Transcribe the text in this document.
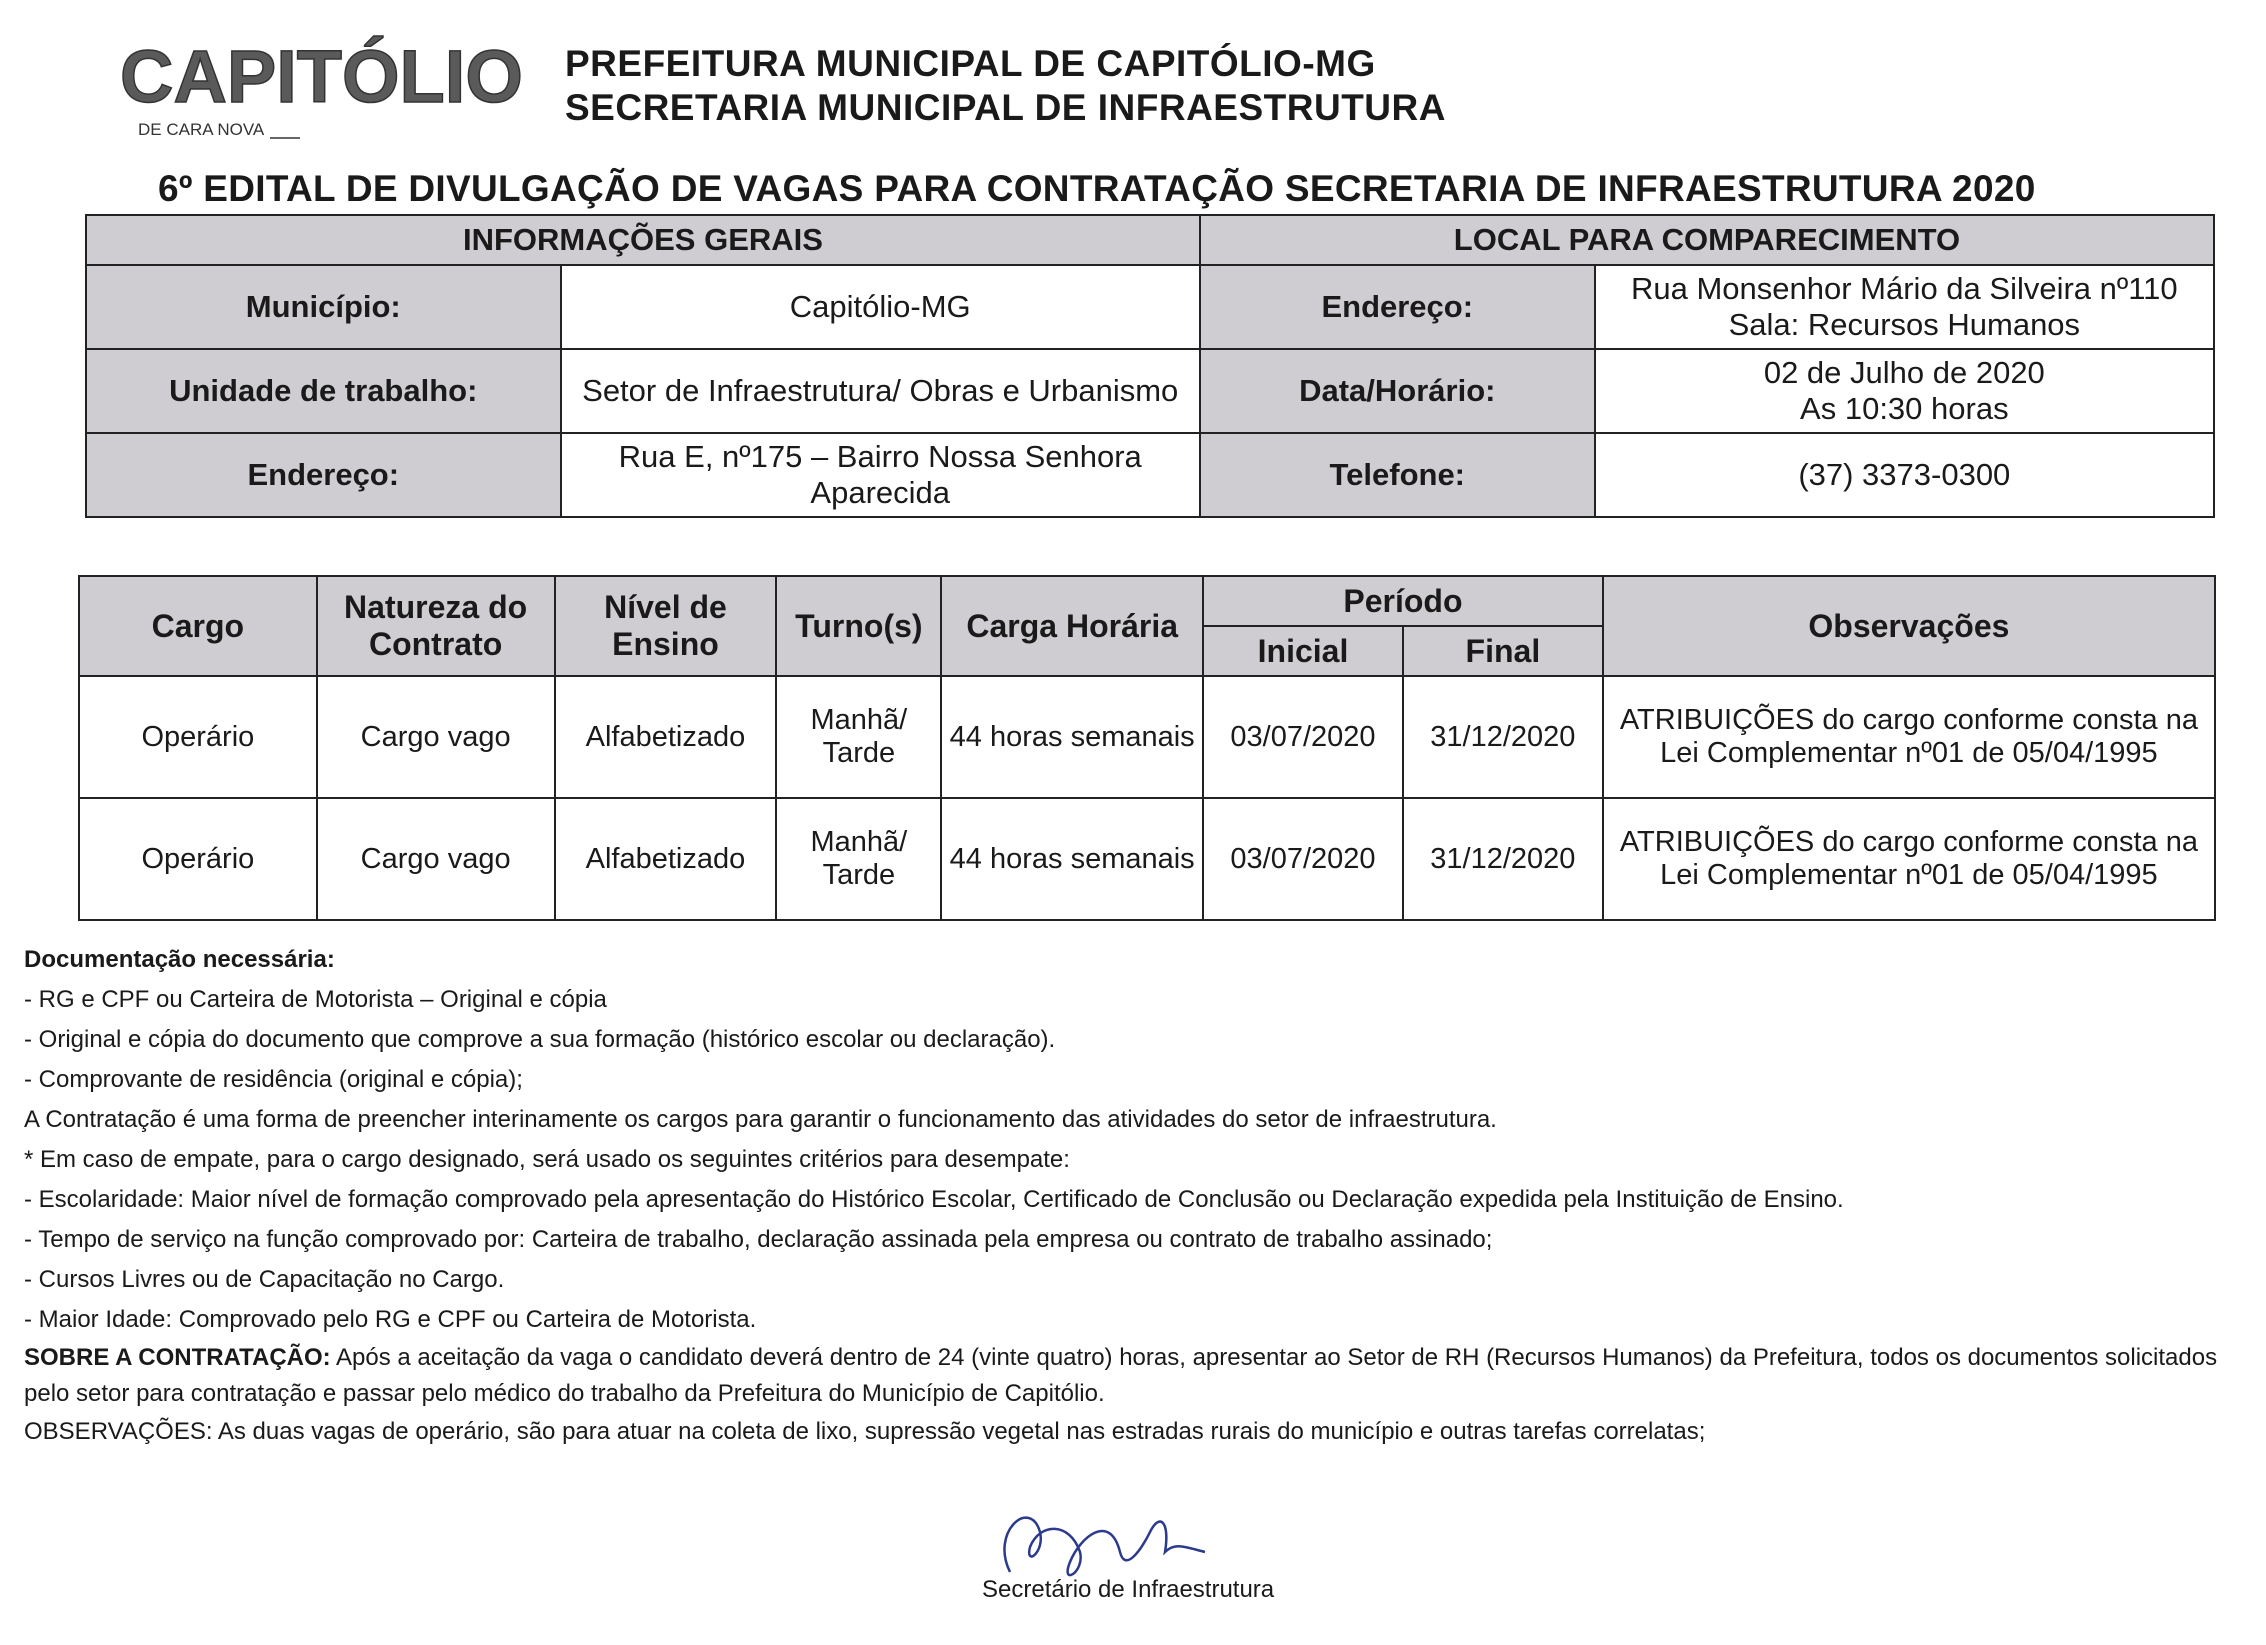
CAPITÓLIO
DE CARA NOVA
PREFEITURA MUNICIPAL DE CAPITÓLIO-MG
SECRETARIA MUNICIPAL DE INFRAESTRUTURA
6º EDITAL DE DIVULGAÇÃO DE VAGAS PARA CONTRATAÇÃO SECRETARIA DE INFRAESTRUTURA 2020
INFORMAÇÕES GERAIS		LOCAL PARA COMPARECIMENTO	
Município:	Capitólio-MG	Endereço:	Rua Monsenhor Mário da Silveira nº110
Sala: Recursos Humanos

Unidade de trabalho:	Setor de Infraestrutura/ Obras e Urbanismo	Data/Horário:	02 de Julho de 2020
As 10:30 horas

Endereço:	Rua E, nº175 – Bairro Nossa Senhora Aparecida	Telefone:	(37) 3373-0300
Cargo	Natureza do Contrato	Nível de Ensino	Turno(s)	Carga Horária	Período		Observações
					Inicial	Final	
Operário	Cargo vago	Alfabetizado	Manhã/ Tarde	44 horas semanais	03/07/2020	31/12/2020	ATRIBUIÇÕES do cargo conforme consta na Lei Complementar nº01 de 05/04/1995
Operário	Cargo vago	Alfabetizado	Manhã/ Tarde	44 horas semanais	03/07/2020	31/12/2020	ATRIBUIÇÕES do cargo conforme consta na Lei Complementar nº01 de 05/04/1995
Documentação necessária:
- RG e CPF ou Carteira de Motorista – Original e cópia
- Original e cópia do documento que comprove a sua formação (histórico escolar ou declaração).
- Comprovante de residência (original e cópia);
A Contratação é uma forma de preencher interinamente os cargos para garantir o funcionamento das atividades do setor de infraestrutura.
* Em caso de empate, para o cargo designado, será usado os seguintes critérios para desempate:
- Escolaridade: Maior nível de formação comprovado pela apresentação do Histórico Escolar, Certificado de Conclusão ou Declaração expedida pela Instituição de Ensino.
- Tempo de serviço na função comprovado por: Carteira de trabalho, declaração assinada pela empresa ou contrato de trabalho assinado;
- Cursos Livres ou de Capacitação no Cargo.
- Maior Idade: Comprovado pelo RG e CPF ou Carteira de Motorista.
SOBRE A CONTRATAÇÃO: Após a aceitação da vaga o candidato deverá dentro de 24 (vinte quatro) horas, apresentar ao Setor de RH (Recursos Humanos) da Prefeitura, todos os documentos solicitados pelo setor para contratação e passar pelo médico do trabalho da Prefeitura do Município de Capitólio.
OBSERVAÇÕES: As duas vagas de operário, são para atuar na coleta de lixo, supressão vegetal nas estradas rurais do município e outras tarefas correlatas;
Secretário de Infraestrutura
